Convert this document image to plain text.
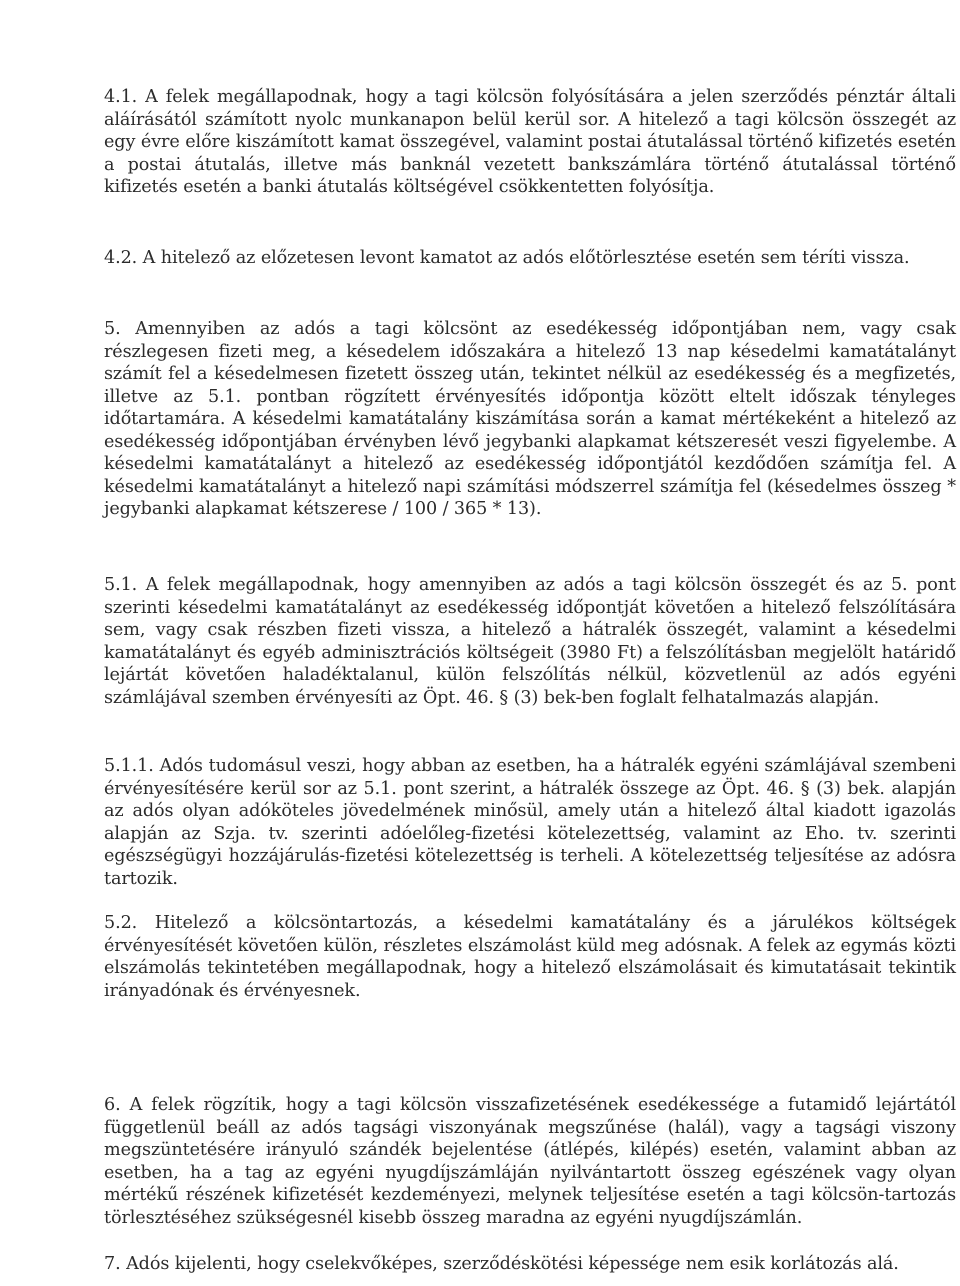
4.1. A felek megállapodnak, hogy a tagi kölcsön folyósítására a jelen szerződés pénztár általi aláírásától számított nyolc munkanapon belül kerül sor. A hitelező a tagi kölcsön összegét az egy évre előre kiszámított kamat összegével, valamint postai átutalással történő kifizetés esetén a postai átutalás, illetve más banknál vezetett bankszámlára történő átutalással történő kifizetés esetén a banki átutalás költségével csökkentetten folyósítja.

4.2. A hitelező az előzetesen levont kamatot az adós előtörlesztése esetén sem téríti vissza.

5. Amennyiben az adós a tagi kölcsönt az esedékesség időpontjában nem, vagy csak részlegesen fizeti meg, a késedelem időszakára a hitelező 13 nap késedelmi kamatátalányt számít fel a késedelmesen fizetett összeg után, tekintet nélkül az esedékesség és a megfizetés, illetve az 5.1. pontban rögzített érvényesítés időpontja között eltelt időszak tényleges időtartamára. A késedelmi kamatátalány kiszámítása során a kamat mértékeként a hitelező az esedékesség időpontjában érvényben lévő jegybanki alapkamat kétszeresét veszi figyelembe. A késedelmi kamatátalányt a hitelező az esedékesség időpontjától kezdődően számítja fel. A késedelmi kamatátalányt a hitelező napi számítási módszerrel számítja fel (késedelmes összeg * jegybanki alapkamat kétszerese / 100 / 365 * 13).

5.1. A felek megállapodnak, hogy amennyiben az adós a tagi kölcsön összegét és az 5. pont szerinti késedelmi kamatátalányt az esedékesség időpontját követően a hitelező felszólítására sem, vagy csak részben fizeti vissza, a hitelező a hátralék összegét, valamint a késedelmi kamatátalányt és egyéb adminisztrációs költségeit (3980 Ft) a felszólításban megjelölt határidő lejártát követően haladéktalanul, külön felszólítás nélkül, közvetlenül az adós egyéni számlájával szemben érvényesíti az Öpt. 46. § (3) bek-ben foglalt felhatalmazás alapján.

5.1.1. Adós tudomásul veszi, hogy abban az esetben, ha a hátralék egyéni számlájával szembeni érvényesítésére kerül sor az 5.1. pont szerint, a hátralék összege az Öpt. 46. § (3) bek. alapján az adós olyan adóköteles jövedelmének minősül, amely után a hitelező által kiadott igazolás alapján az Szja. tv. szerinti adóelőleg-fizetési kötelezettség, valamint az Eho. tv. szerinti egészségügyi hozzájárulás-fizetési kötelezettség is terheli. A kötelezettség teljesítése az adósra tartozik.

5.2. Hitelező a kölcsöntartozás, a késedelmi kamatátalány és a járulékos költségek érvényesítését követően külön, részletes elszámolást küld meg adósnak. A felek az egymás közti elszámolás tekintetében megállapodnak, hogy a hitelező elszámolásait és kimutatásait tekintik irányadónak és érvényesnek.

6. A felek rögzítik, hogy a tagi kölcsön visszafizetésének esedékessége a futamidő lejártától függetlenül beáll az adós tagsági viszonyának megszűnése (halál), vagy a tagsági viszony megszüntetésére irányuló szándék bejelentése (átlépés, kilépés) esetén, valamint abban az esetben, ha a tag az egyéni nyugdíjszámláján nyilvántartott összeg egészének vagy olyan mértékű részének kifizetését kezdeményezi, melynek teljesítése esetén a tagi kölcsön-tartozás törlesztéséhez szükségesnél kisebb összeg maradna az egyéni nyugdíjszámlán.

7. Adós kijelenti, hogy cselekvőképes, szerződéskötési képessége nem esik korlátozás alá.
